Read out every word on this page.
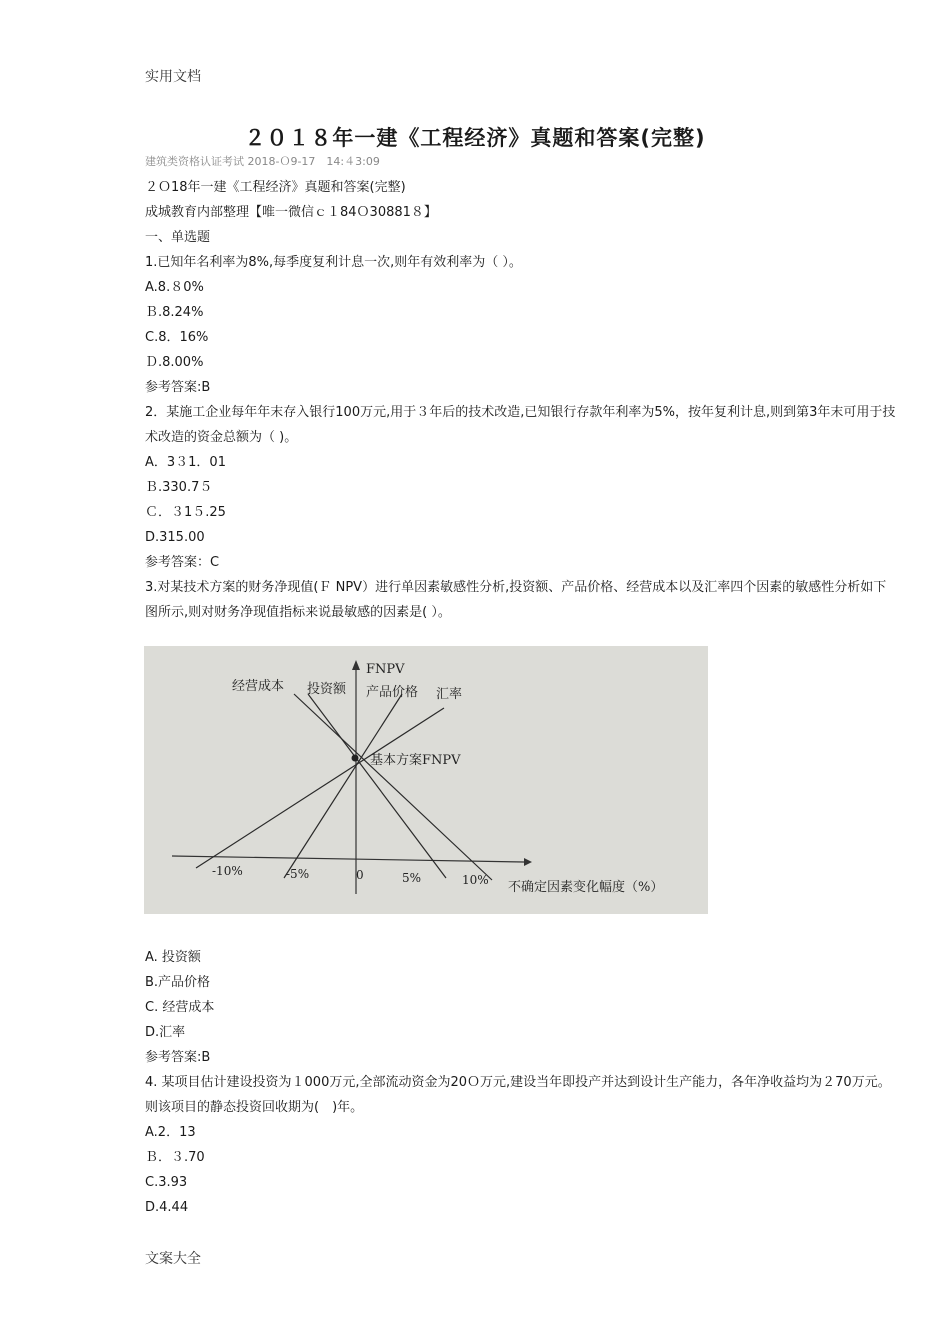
实用文档
２０１８年一建《工程经济》真题和答案(完整)
建筑类资格认证考试 2018-Ｏ9-17　14:４3:09
２Ｏ18年一建《工程经济》真题和答案(完整)
成城教育内部整理【唯一微信ｃ１84Ｏ30881８】
一、单选题
1.已知年名利率为8%,每季度复利计息一次,则年有效利率为（ ）。
A.8.８0%
Ｂ.8.24%
C.8．16%
Ｄ.8.00%
参考答案:B
2．某施工企业每年年末存入银行100万元,用于３年后的技术改造,已知银行存款年利率为5%，按年复利计息,则到第3年末可用于技术改造的资金总额为（ )。
A．3３1．01
Ｂ.330.7５
Ｃ．３1５.25
D.315.00
参考答案：C
3.对某技术方案的财务净现值(Ｆ NPV）进行单因素敏感性分析,投资额、产品价格、经营成本以及汇率四个因素的敏感性分析如下图所示,则对财务净现值指标来说最敏感的因素是( ）。
FNPV
基本方案FNPV
经营成本 投资额 产品价格 汇率
-10%	-5%	0	5%	10% 不确定因素变化幅度（%）
A. 投资额
B.产品价格
C. 经营成本
D.汇率
参考答案:B
4. 某项目估计建设投资为１000万元,全部流动资金为20Ｏ万元,建设当年即投产并达到设计生产能力，各年净收益均为２70万元。则该项目的静态投资回收期为(　)年。
A.2．13
Ｂ．３.70
C.3.93
D.4.44
文案大全
